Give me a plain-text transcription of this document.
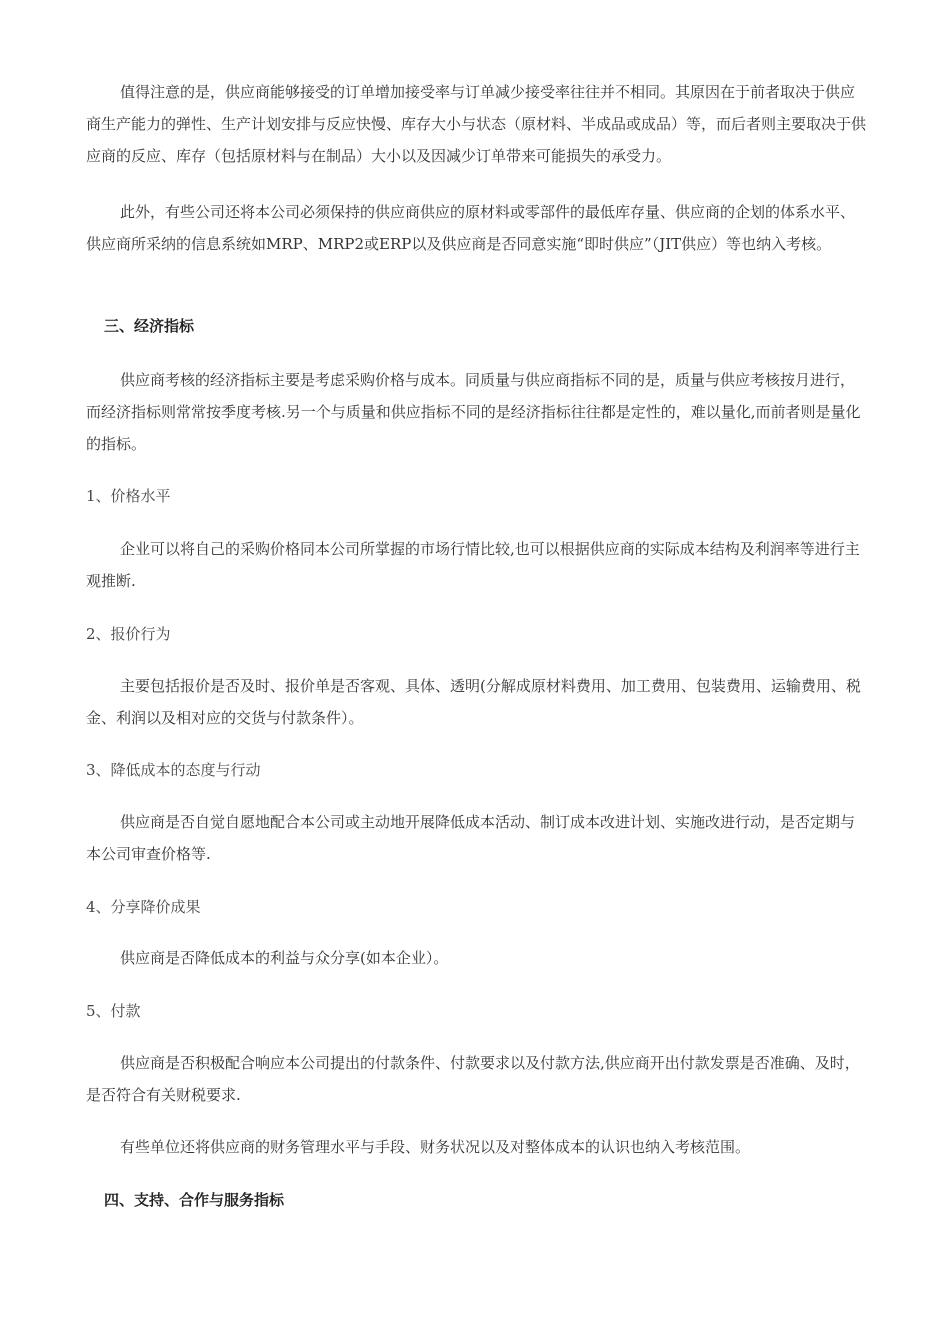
值得注意的是，供应商能够接受的订单增加接受率与订单减少接受率往往并不相同。其原因在于前者取决于供应商生产能力的弹性、生产计划安排与反应快慢、库存大小与状态（原材料、半成品或成品）等，而后者则主要取决于供应商的反应、库存（包括原材料与在制品）大小以及因减少订单带来可能损失的承受力。

此外，有些公司还将本公司必须保持的供应商供应的原材料或零部件的最低库存量、供应商的企划的体系水平、供应商所采纳的信息系统如MRP、MRP2或ERP以及供应商是否同意实施“即时供应”（JIT供应）等也纳入考核。

三、经济指标

供应商考核的经济指标主要是考虑采购价格与成本。同质量与供应商指标不同的是，质量与供应考核按月进行，而经济指标则常常按季度考核.另一个与质量和供应指标不同的是经济指标往往都是定性的，难以量化,而前者则是量化的指标。

1、价格水平

企业可以将自己的采购价格同本公司所掌握的市场行情比较,也可以根据供应商的实际成本结构及利润率等进行主观推断.

2、报价行为

主要包括报价是否及时、报价单是否客观、具体、透明(分解成原材料费用、加工费用、包装费用、运输费用、税金、利润以及相对应的交货与付款条件）。

3、降低成本的态度与行动

供应商是否自觉自愿地配合本公司或主动地开展降低成本活动、制订成本改进计划、实施改进行动，是否定期与本公司审查价格等.

4、分享降价成果

供应商是否降低成本的利益与众分享(如本企业）。

5、付款

供应商是否积极配合响应本公司提出的付款条件、付款要求以及付款方法,供应商开出付款发票是否准确、及时，是否符合有关财税要求.

有些单位还将供应商的财务管理水平与手段、财务状况以及对整体成本的认识也纳入考核范围。

四、支持、合作与服务指标
